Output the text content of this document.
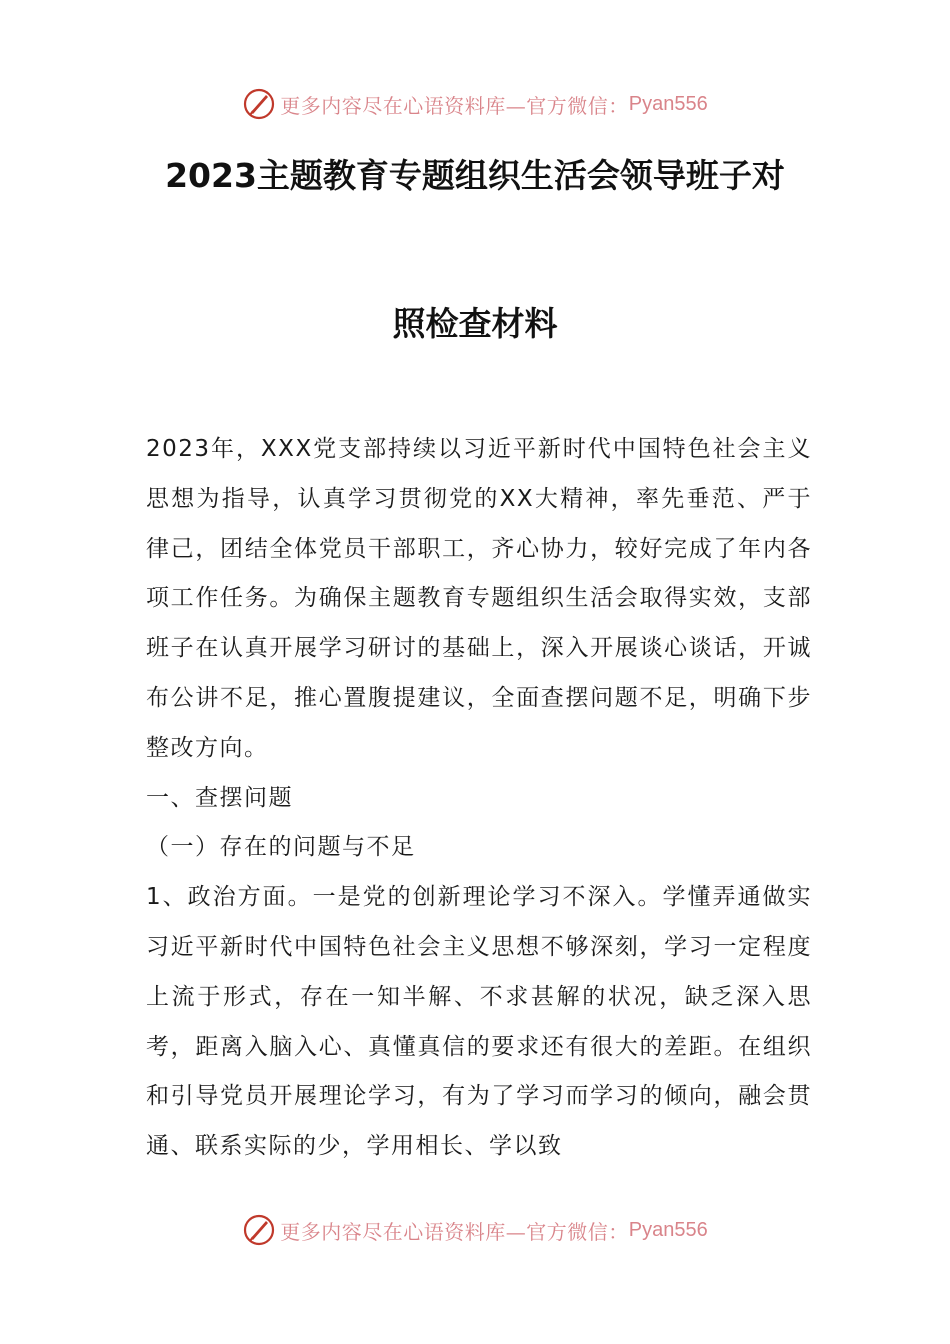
更多内容尽在心语资料库—官方微信： Pyan556
2023主题教育专题组织生活会领导班子对
照检查材料

2023年，XXX党支部持续以习近平新时代中国特色社会主义思想为指导，认真学习贯彻党的XX大精神，率先垂范、严于律己，团结全体党员干部职工，齐心协力，较好完成了年内各项工作任务。为确保主题教育专题组织生活会取得实效，支部班子在认真开展学习研讨的基础上，深入开展谈心谈话，开诚布公讲不足，推心置腹提建议，全面查摆问题不足，明确下步整改方向。

一、查摆问题

（一）存在的问题与不足

1、政治方面。一是党的创新理论学习不深入。学懂弄通做实习近平新时代中国特色社会主义思想不够深刻，学习一定程度上流于形式，存在一知半解、不求甚解的状况，缺乏深入思考，距离入脑入心、真懂真信的要求还有很大的差距。在组织和引导党员开展理论学习，有为了学习而学习的倾向，融会贯通、联系实际的少，学用相长、学以致

更多内容尽在心语资料库—官方微信： Pyan556
